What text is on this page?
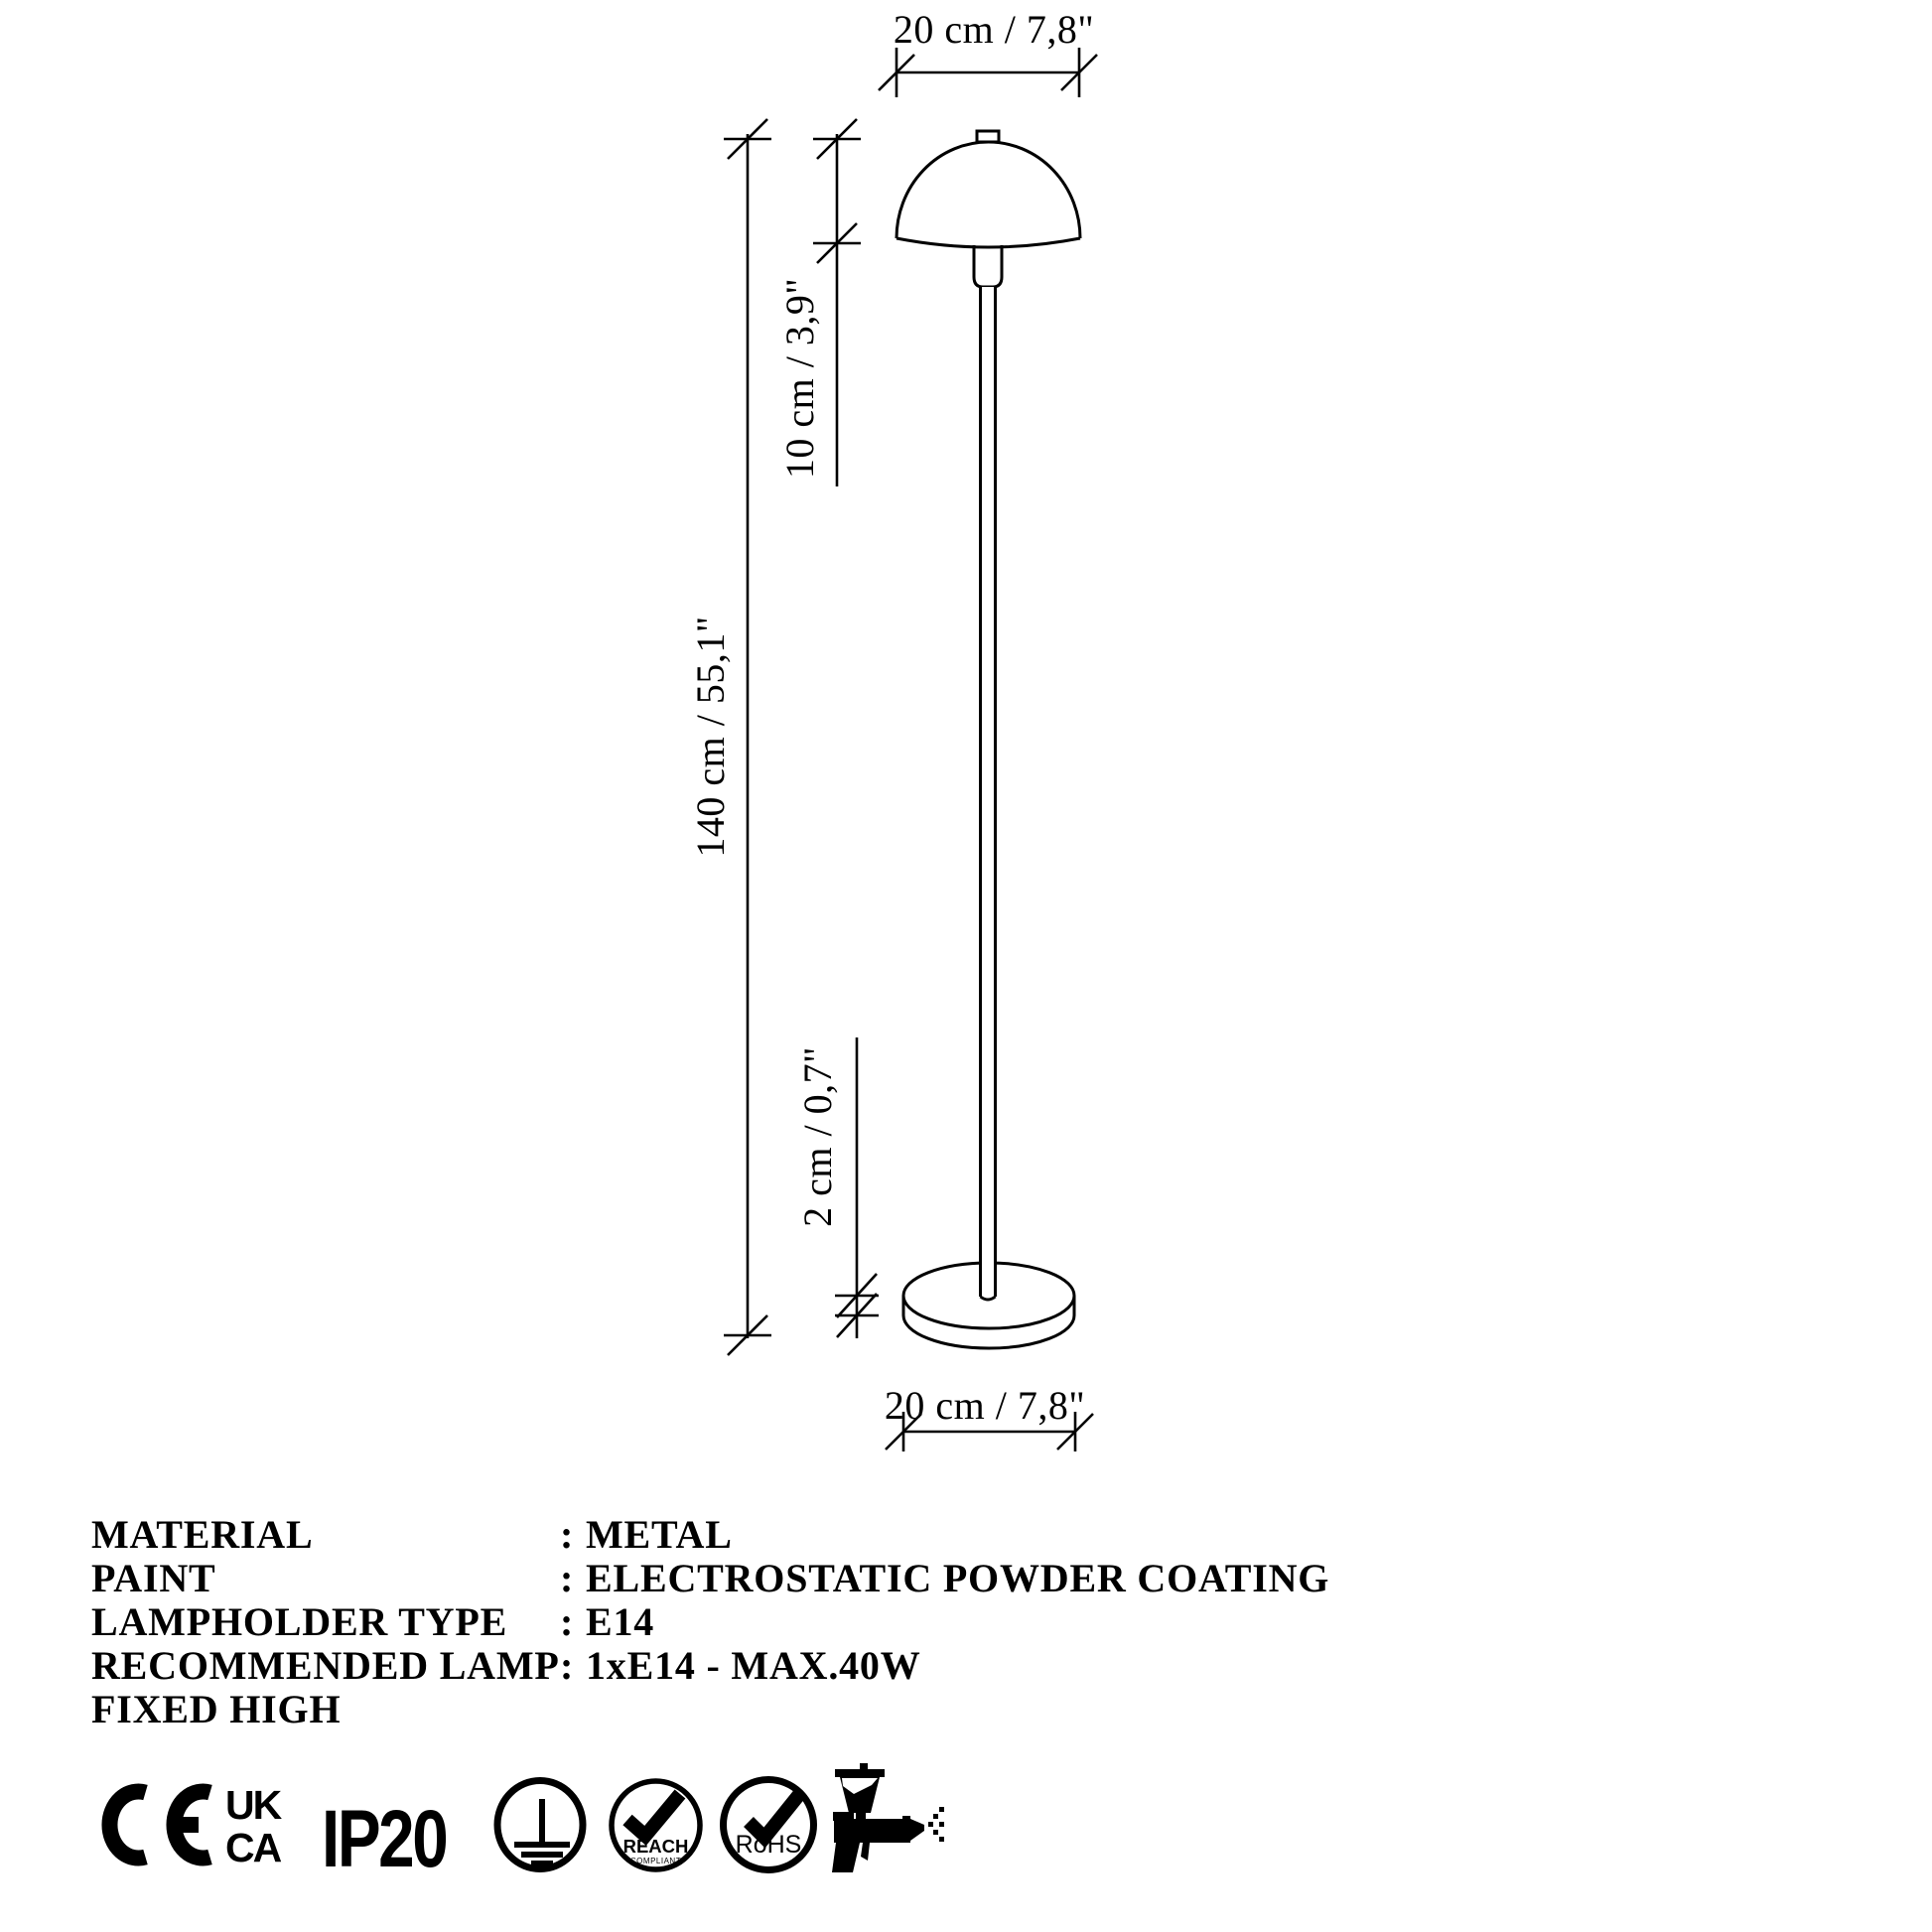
20 cm / 7,8"
140 cm / 55,1"
10 cm / 3,9"
2 cm / 0,7"
20 cm / 7,8"
MATERIAL	: METAL
PAINT	: ELECTROSTATIC POWDER COATING
LAMPHOLDER TYPE	: E14
RECOMMENDED LAMP : 1xE14 - MAX.40W
FIXED HIGH
UK
CA IP20	REACH
COMPLIANT
RoHS
